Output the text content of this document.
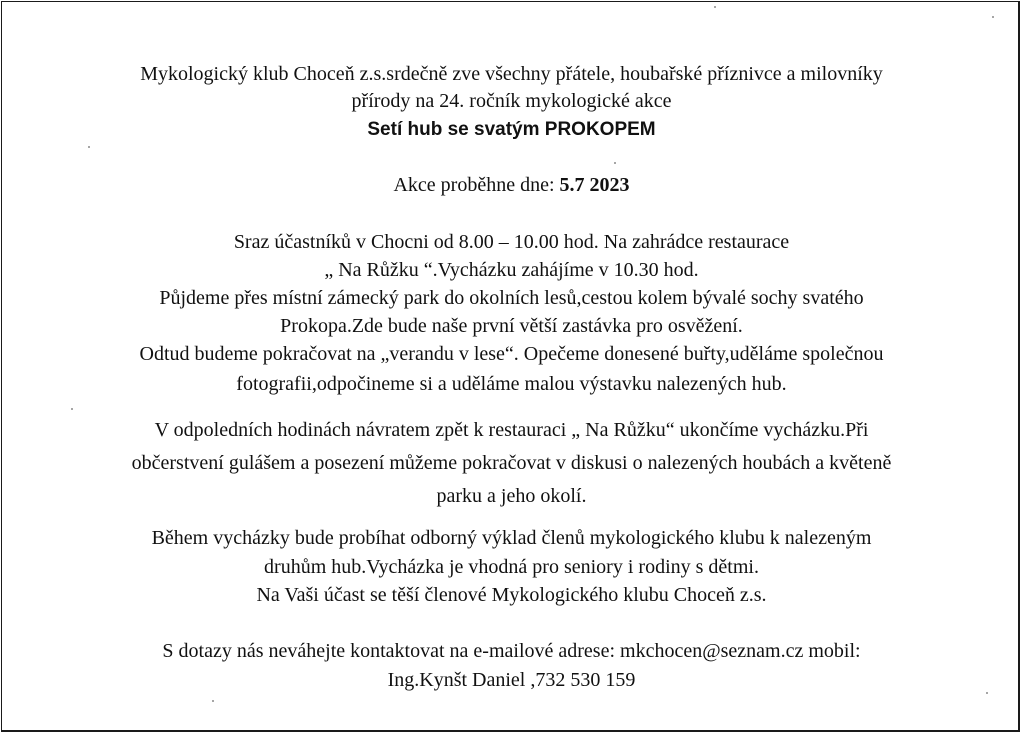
Mykologický klub Choceň z.s.srdečně zve všechny přátele, houbařské příznivce a milovníky
přírody na 24. ročník mykologické akce
Setí hub se svatým PROKOPEM
Akce proběhne dne: 5.7 2023
Sraz účastníků v Chocni od 8.00 – 10.00 hod. Na zahrádce restaurace
„ Na Růžku “.Vycházku zahájíme v 10.30 hod.
Půjdeme přes místní zámecký park do okolních lesů,cestou kolem bývalé sochy svatého
Prokopa.Zde bude naše první větší zastávka pro osvěžení.
Odtud budeme pokračovat na „verandu v lese“. Opečeme donesené buřty,uděláme společnou
fotografii,odpočineme si a uděláme malou výstavku nalezených hub.
V odpoledních hodinách návratem zpět k restauraci „ Na Růžku“ ukončíme vycházku.Při
občerstvení gulášem a posezení můžeme pokračovat v diskusi o nalezených houbách a květeně
parku a jeho okolí.
Během vycházky bude probíhat odborný výklad členů mykologického klubu k nalezeným
druhům hub.Vycházka je vhodná pro seniory i rodiny s dětmi.
Na Vaši účast se těší členové Mykologického klubu Choceň z.s.
S dotazy nás neváhejte kontaktovat na e-mailové adrese: mkchocen@seznam.cz mobil:
Ing.Kynšt Daniel ,732 530 159
